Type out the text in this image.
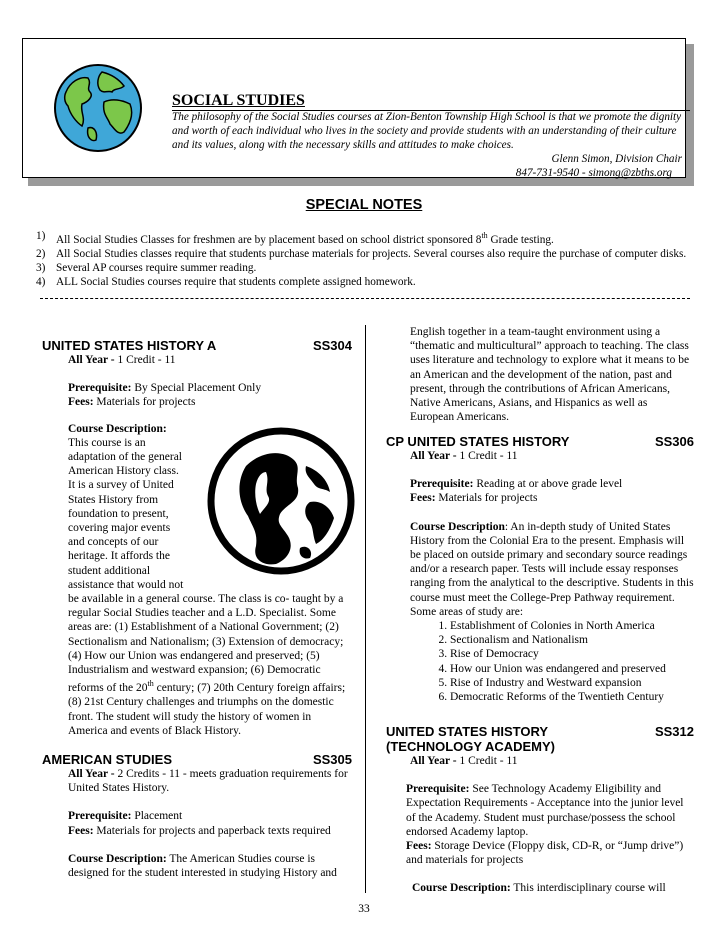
SOCIAL STUDIES
The philosophy of the Social Studies courses at Zion-Benton Township High School is that we promote the dignity and worth of each individual who lives in the society and provide students with an understanding of their culture and its values, along with the necessary skills and attitudes to make choices.
Glenn Simon, Division Chair
847-731-9540 - simong@zbths.org
SPECIAL NOTES
1) All Social Studies Classes for freshmen are by placement based on school district sponsored 8th Grade testing.
2) All Social Studies classes require that students purchase materials for projects. Several courses also require the purchase of computer disks.
3) Several AP courses require summer reading.
4) ALL Social Studies courses require that students complete assigned homework.
UNITED STATES HISTORY A	SS304
All Year - 1 Credit - 11
Prerequisite: By Special Placement Only
Fees: Materials for projects
Course Description:
This course is an
adaptation of the general
American History class.
It is a survey of United
States History from
foundation to present,
covering major events
and concepts of our
heritage. It affords the
student additional
assistance that would not
be available in a general course. The class is co- taught by a regular Social Studies teacher and a L.D. Specialist. Some areas are: (1) Establishment of a National Government; (2) Sectionalism and Nationalism; (3) Extension of democracy; (4) How our Union was endangered and preserved; (5) Industrialism and westward expansion; (6) Democratic reforms of the 20th century; (7) 20th Century foreign affairs; (8) 21st Century challenges and triumphs on the domestic front. The student will study the history of women in America and events of Black History.
AMERICAN STUDIES	SS305
All Year - 2 Credits - 11 - meets graduation requirements for United States History.
Prerequisite: Placement
Fees: Materials for projects and paperback texts required
Course Description: The American Studies course is designed for the student interested in studying History and
English together in a team-taught environment using a “thematic and multicultural” approach to teaching. The class uses literature and technology to explore what it means to be an American and the development of the nation, past and present, through the contributions of African Americans, Native Americans, Asians, and Hispanics as well as European Americans.
CP UNITED STATES HISTORY	SS306
All Year - 1 Credit - 11
Prerequisite: Reading at or above grade level
Fees: Materials for projects
Course Description: An in-depth study of United States History from the Colonial Era to the present. Emphasis will be placed on outside primary and secondary source readings and/or a research paper. Tests will include essay responses ranging from the analytical to the descriptive. Students in this course must meet the College-Prep Pathway requirement. Some areas of study are:
1. Establishment of Colonies in North America
2. Sectionalism and Nationalism
3. Rise of Democracy
4. How our Union was endangered and preserved
5. Rise of Industry and Westward expansion
6. Democratic Reforms of the Twentieth Century
UNITED STATES HISTORY	SS312
(TECHNOLOGY ACADEMY)
All Year - 1 Credit - 11
Prerequisite: See Technology Academy Eligibility and Expectation Requirements - Acceptance into the junior level of the Academy. Student must purchase/possess the school endorsed Academy laptop.
Fees: Storage Device (Floppy disk, CD-R, or “Jump drive”) and materials for projects
Course Description: This interdisciplinary course will
33
